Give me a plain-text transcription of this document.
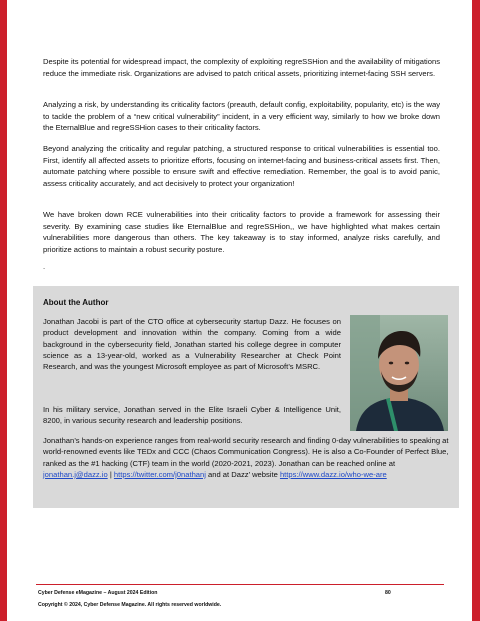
Despite its potential for widespread impact, the complexity of exploiting regreSSHion and the availability of mitigations reduce the immediate risk. Organizations are advised to patch critical assets, prioritizing internet-facing SSH servers.

Analyzing a risk, by understanding its criticality factors (preauth, default config, exploitability, popularity, etc) is the way to tackle the problem of a “new critical vulnerability” incident, in a very efficient way, similarly to how we broke down the EternalBlue and regreSSHion cases to their criticality factors.

Beyond analyzing the criticality and regular patching, a structured response to critical vulnerabilities is essential too. First, identify all affected assets to prioritize efforts, focusing on internet-facing and business-critical assets first. Then, automate patching where possible to ensure swift and effective remediation. Remember, the goal is to avoid panic, assess criticality accurately, and act decisively to protect your organization!

We have broken down RCE vulnerabilities into their criticality factors to provide a framework for assessing their severity. By examining case studies like EternalBlue and regreSSHion,, we have highlighted what makes certain vulnerabilities more dangerous than others. The key takeaway is to stay informed, analyze risks carefully, and prioritize actions to maintain a robust security posture.

.

About the Author

Jonathan Jacobi is part of the CTO office at cybersecurity startup Dazz. He focuses on product development and innovation within the company. Coming from a wide background in the cybersecurity field, Jonathan started his college degree in computer science as a 13-year-old, worked as a Vulnerability Researcher at Check Point Research, and was the youngest Microsoft employee as part of Microsoft’s MSRC.

In his military service, Jonathan served in the Elite Israeli Cyber & Intelligence Unit, 8200, in various security research and leadership positions.

Jonathan’s hands-on experience ranges from real-world security research and finding 0-day vulnerabilities to speaking at world-renowned events like TEDx and CCC (Chaos Communication Congress). He is also a Co-Founder of Perfect Blue, ranked as the #1 hacking (CTF) team in the world (2020-2021, 2023). Jonathan can be reached online at jonathan.j@dazz.io | https://twitter.com/j0nathanj and at Dazz’ website https://www.dazz.io/who-we-are

Cyber Defense eMagazine – August 2024 Edition	80
Copyright © 2024, Cyber Defense Magazine. All rights reserved worldwide.
